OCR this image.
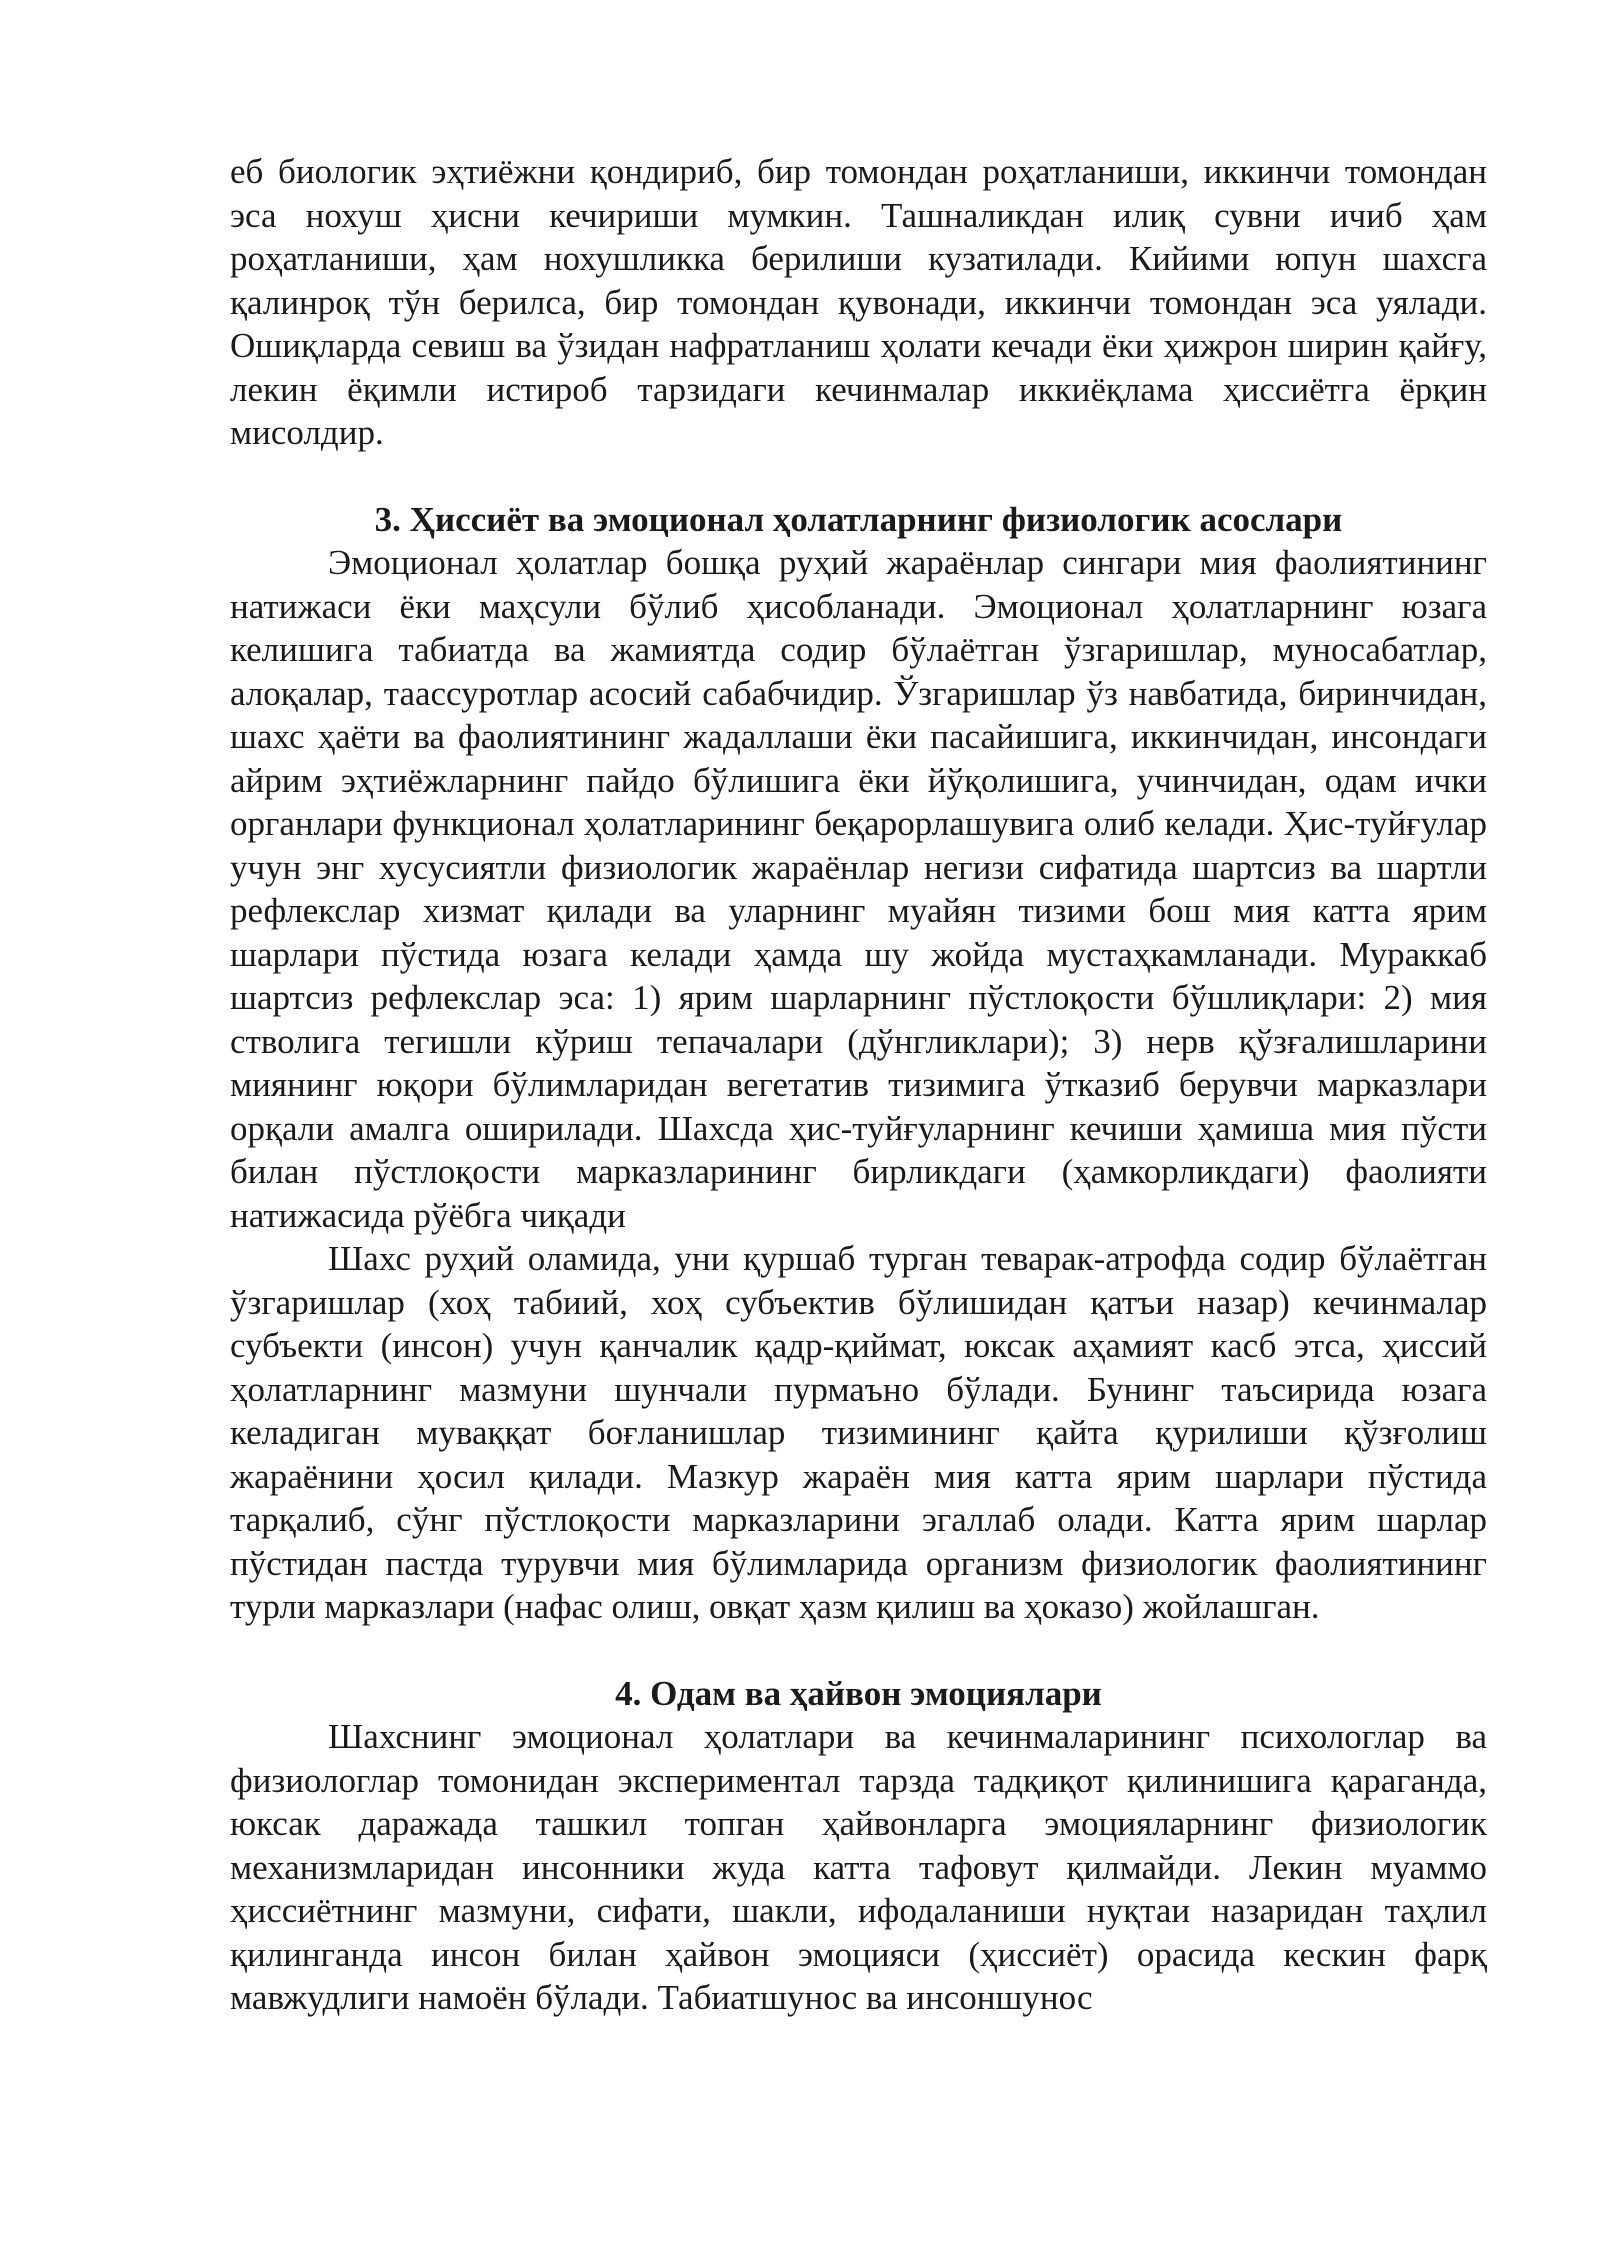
еб биологик эҳтиёжни қондириб, бир томондан роҳатланиши, иккинчи томондан эса нохуш ҳисни кечириши мумкин. Ташналикдан илиқ сувни ичиб ҳам роҳатланиши, ҳам нохушликка берилиши кузатилади. Кийими юпун шахсга қалинроқ тўн берилса, бир томондан қувонади, иккинчи томондан эса уялади. Ошиқларда севиш ва ўзидан нафратланиш ҳолати кечади ёки ҳижрон ширин қайғу, лекин ёқимли истироб тарзидаги кечинмалар иккиёқлама ҳиссиётга ёрқин мисолдир.

3. Ҳиссиёт ва эмоционал ҳолатларнинг физиологик асослари

Эмоционал ҳолатлар бошқа руҳий жараёнлар сингари мия фаолиятининг натижаси ёки маҳсули бўлиб ҳисобланади. Эмоционал ҳолатларнинг юзага келишига табиатда ва жамиятда содир бўлаётган ўзгаришлар, муносабатлар, алоқалар, таассуротлар асосий сабабчидир. Ўзгаришлар ўз навбатида, биринчидан, шахс ҳаёти ва фаолиятининг жадаллаши ёки пасайишига, иккинчидан, инсондаги айрим эҳтиёжларнинг пайдо бўлишига ёки йўқолишига, учинчидан, одам ички органлари функционал ҳолатларининг беқарорлашувига олиб келади. Ҳис-туйғулар учун энг хусусиятли физиологик жараёнлар негизи сифатида шартсиз ва шартли рефлекслар хизмат қилади ва уларнинг муайян тизими бош мия катта ярим шарлари пўстида юзага келади ҳамда шу жойда мустаҳкамланади. Мураккаб шартсиз рефлекслар эса: 1) ярим шарларнинг пўстлоқости бўшлиқлари: 2) мия стволига тегишли кўриш тепачалари (дўнгликлари); 3) нерв қўзғалишларини миянинг юқори бўлимларидан вегетатив тизимига ўтказиб берувчи марказлари орқали амалга оширилади. Шахсда ҳис-туйғуларнинг кечиши ҳамиша мия пўсти билан пўстлоқости марказларининг бирликдаги (ҳамкорликдаги) фаолияти натижасида рўёбга чиқади

Шахс руҳий оламида, уни қуршаб турган теварак-атрофда содир бўлаётган ўзгаришлар (хоҳ табиий, хоҳ субъектив бўлишидан қатъи назар) кечинмалар субъекти (инсон) учун қанчалик қадр-қиймат, юксак аҳамият касб этса, ҳиссий ҳолатларнинг мазмуни шунчали пурмаъно бўлади. Бунинг таъсирида юзага келадиган муваққат боғланишлар тизимининг қайта қурилиши қўзғолиш жараёнини ҳосил қилади. Мазкур жараён мия катта ярим шарлари пўстида тарқалиб, сўнг пўстлоқости марказларини эгаллаб олади. Катта ярим шарлар пўстидан пастда турувчи мия бўлимларида организм физиологик фаолиятининг турли марказлари (нафас олиш, овқат ҳазм қилиш ва ҳоказо) жойлашган.

4. Одам ва ҳайвон эмоциялари

Шахснинг эмоционал ҳолатлари ва кечинмаларининг психологлар ва физиологлар томонидан экспериментал тарзда тадқиқот қилинишига қараганда, юксак даражада ташкил топган ҳайвонларга эмоцияларнинг физиологик механизмларидан инсонники жуда катта тафовут қилмайди. Лекин муаммо ҳиссиётнинг мазмуни, сифати, шакли, ифодаланиши нуқтаи назаридан таҳлил қилинганда инсон билан ҳайвон эмоцияси (ҳиссиёт) орасида кескин фарқ мавжудлиги намоён бўлади. Табиатшунос ва инсоншунос
